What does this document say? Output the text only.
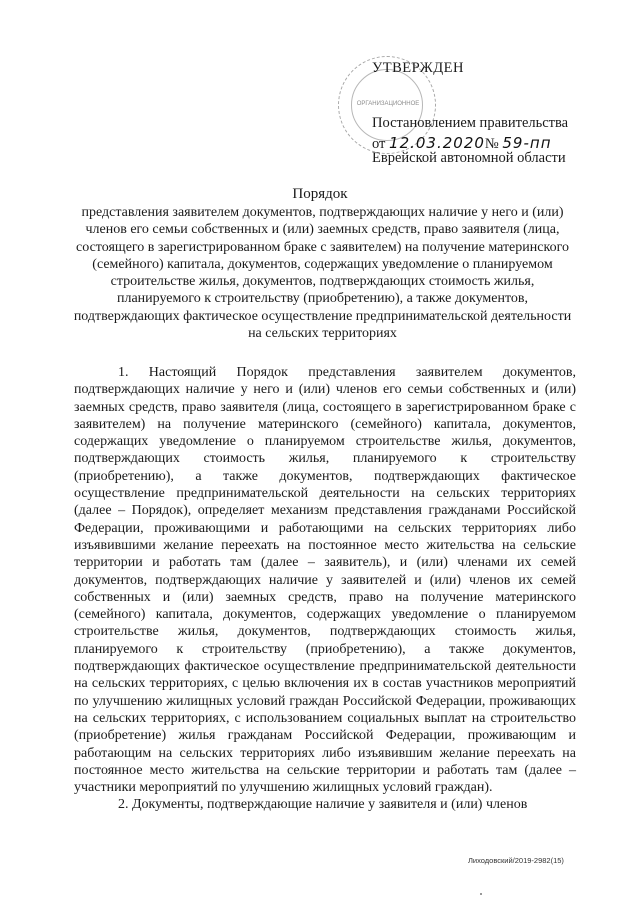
ОРГАНИЗАЦИОННОЕ
УТВЕРЖДЕН
Постановлением правительства
Еврейской автономной области
от 12.03.2020№ 59-пп
Порядок
представления заявителем документов, подтверждающих наличие у него и (или) членов его семьи собственных и (или) заемных средств, право заявителя (лица, состоящего в зарегистрированном браке с заявителем) на получение материнского (семейного) капитала, документов, содержащих уведомление о планируемом строительстве жилья, документов, подтверждающих стоимость жилья, планируемого к строительству (приобретению), а также документов, подтверждающих фактическое осуществление предпринимательской деятельности на сельских территориях

1. Настоящий Порядок представления заявителем документов, подтверждающих наличие у него и (или) членов его семьи собственных и (или) заемных средств, право заявителя (лица, состоящего в зарегистрированном браке с заявителем) на получение материнского (семейного) капитала, документов, содержащих уведомление о планируемом строительстве жилья, документов, подтверждающих стоимость жилья, планируемого к строительству (приобретению), а также документов, подтверждающих фактическое осуществление предпринимательской деятельности на сельских территориях (далее – Порядок), определяет механизм представления гражданами Российской Федерации, проживающими и работающими на сельских территориях либо изъявившими желание переехать на постоянное место жительства на сельские территории и работать там (далее – заявитель), и (или) членами их семей документов, подтверждающих наличие у заявителей и (или) членов их семей собственных и (или) заемных средств, право на получение материнского (семейного) капитала, документов, содержащих уведомление о планируемом строительстве жилья, документов, подтверждающих стоимость жилья, планируемого к строительству (приобретению), а также документов, подтверждающих фактическое осуществление предпринимательской деятельности на сельских территориях, с целью включения их в состав участников мероприятий по улучшению жилищных условий граждан Российской Федерации, проживающих на сельских территориях, с использованием социальных выплат на строительство (приобретение) жилья гражданам Российской Федерации, проживающим и работающим на сельских территориях либо изъявившим желание переехать на постоянное место жительства на сельские территории и работать там (далее – участники мероприятий по улучшению жилищных условий граждан).

2. Документы, подтверждающие наличие у заявителя и (или) членов

Лиходовский/2019-2982(15)
